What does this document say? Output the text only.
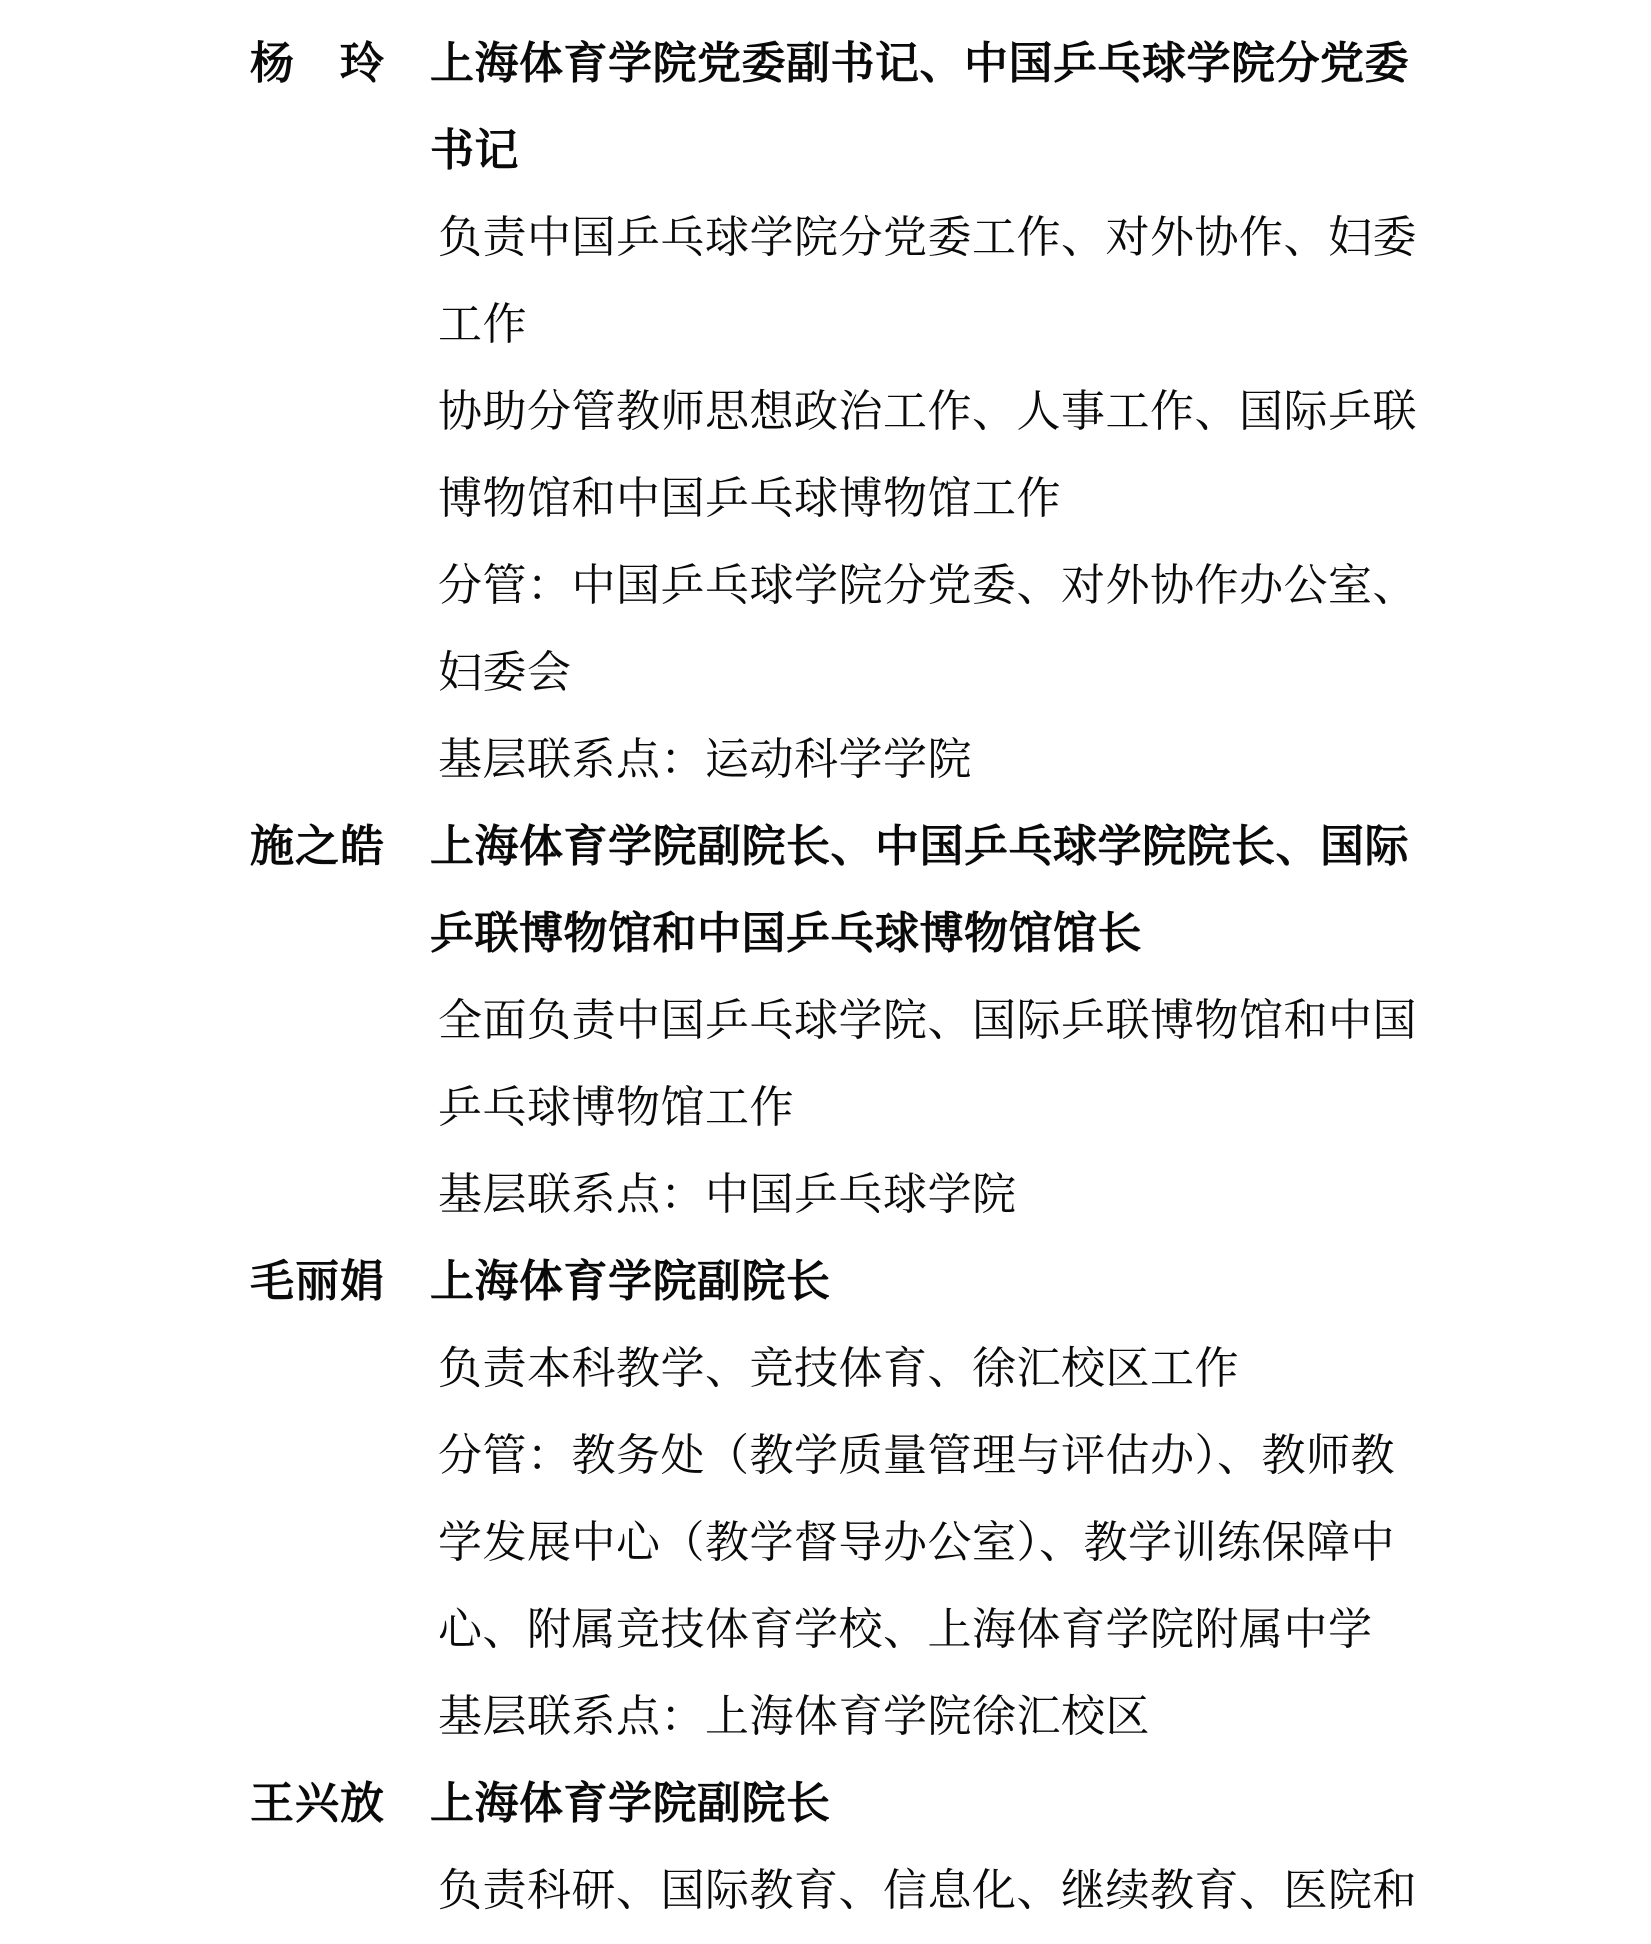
杨　玲	上海体育学院党委副书记、中国乒乓球学院分党委书记
负责中国乒乓球学院分党委工作、对外协作、妇委工作
协助分管教师思想政治工作、人事工作、国际乒联博物馆和中国乒乓球博物馆工作
分管：中国乒乓球学院分党委、对外协作办公室、妇委会
基层联系点：运动科学学院
施之皓	上海体育学院副院长、中国乒乓球学院院长、国际乒联博物馆和中国乒乓球博物馆馆长
全面负责中国乒乓球学院、国际乒联博物馆和中国乒乓球博物馆工作
基层联系点：中国乒乓球学院
毛丽娟	上海体育学院副院长
负责本科教学、竞技体育、徐汇校区工作
分管：教务处（教学质量管理与评估办）、教师教学发展中心（教学督导办公室）、教学训练保障中心、附属竞技体育学校、上海体育学院附属中学
基层联系点：上海体育学院徐汇校区
王兴放	上海体育学院副院长
负责科研、国际教育、信息化、继续教育、医院和
